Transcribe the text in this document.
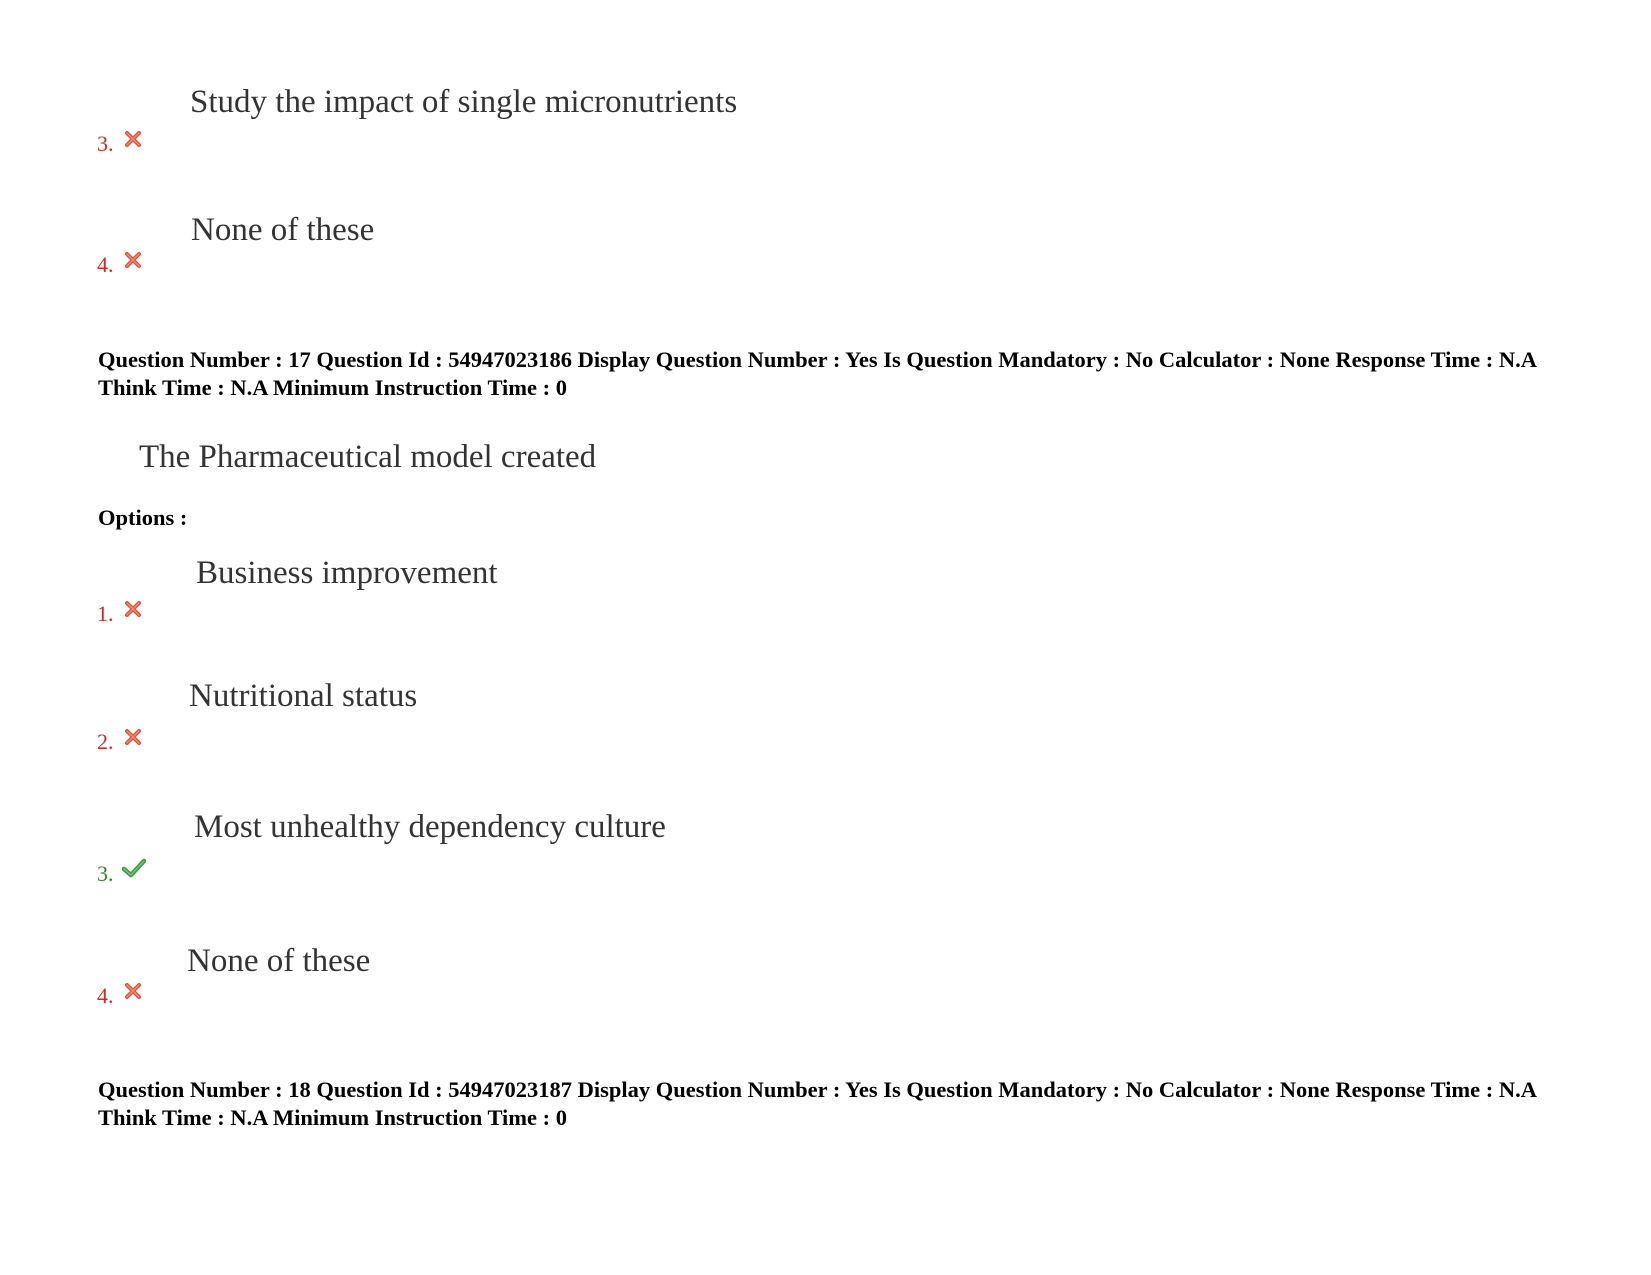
Study the impact of single micronutrients
3.
None of these
4.
Question Number : 17 Question Id : 54947023186 Display Question Number : Yes Is Question Mandatory : No Calculator : None Response Time : N.A Think Time : N.A Minimum Instruction Time : 0
The Pharmaceutical model created
Options :
Business improvement
1.
Nutritional status
2.
Most unhealthy dependency culture
3.
None of these
4.
Question Number : 18 Question Id : 54947023187 Display Question Number : Yes Is Question Mandatory : No Calculator : None Response Time : N.A Think Time : N.A Minimum Instruction Time : 0
